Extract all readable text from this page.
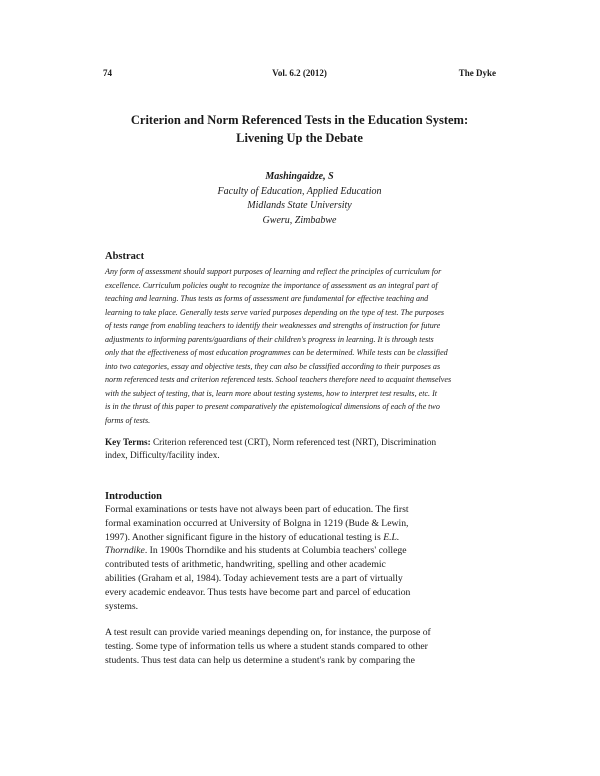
74	Vol. 6.2 (2012)	The Dyke
Criterion and Norm Referenced Tests in the Education System:
Livening Up the Debate
Mashingaidze, S
Faculty of Education, Applied Education
Midlands State University
Gweru, Zimbabwe
Abstract
Any form of assessment should support purposes of learning and reflect the principles of curriculum for
excellence. Curriculum policies ought to recognize the importance of assessment as an integral part of
teaching and learning. Thus tests as forms of assessment are fundamental for effective teaching and
learning to take place. Generally tests serve varied purposes depending on the type of test. The purposes
of tests range from enabling teachers to identify their weaknesses and strengths of instruction for future
adjustments to informing parents/guardians of their children's progress in learning. It is through tests
only that the effectiveness of most education programmes can be determined. While tests can be classified
into two categories, essay and objective tests, they can also be classified according to their purposes as
norm referenced tests and criterion referenced tests. School teachers therefore need to acquaint themselves
with the subject of testing, that is, learn more about testing systems, how to interpret test results, etc. It
is in the thrust of this paper to present comparatively the epistemological dimensions of each of the two
forms of tests.
Key Terms: Criterion referenced test (CRT), Norm referenced test (NRT), Discrimination
index, Difficulty/facility index.
Introduction
Formal examinations or tests have not always been part of education. The first
formal examination occurred at University of Bolgna in 1219 (Bude & Lewin,
1997). Another significant figure in the history of educational testing is E.L.
Thorndike. In 1900s Thorndike and his students at Columbia teachers' college
contributed tests of arithmetic, handwriting, spelling and other academic
abilities (Graham et al, 1984). Today achievement tests are a part of virtually
every academic endeavor. Thus tests have become part and parcel of education
systems.
A test result can provide varied meanings depending on, for instance, the purpose of
testing. Some type of information tells us where a student stands compared to other
students. Thus test data can help us determine a student's rank by comparing the
